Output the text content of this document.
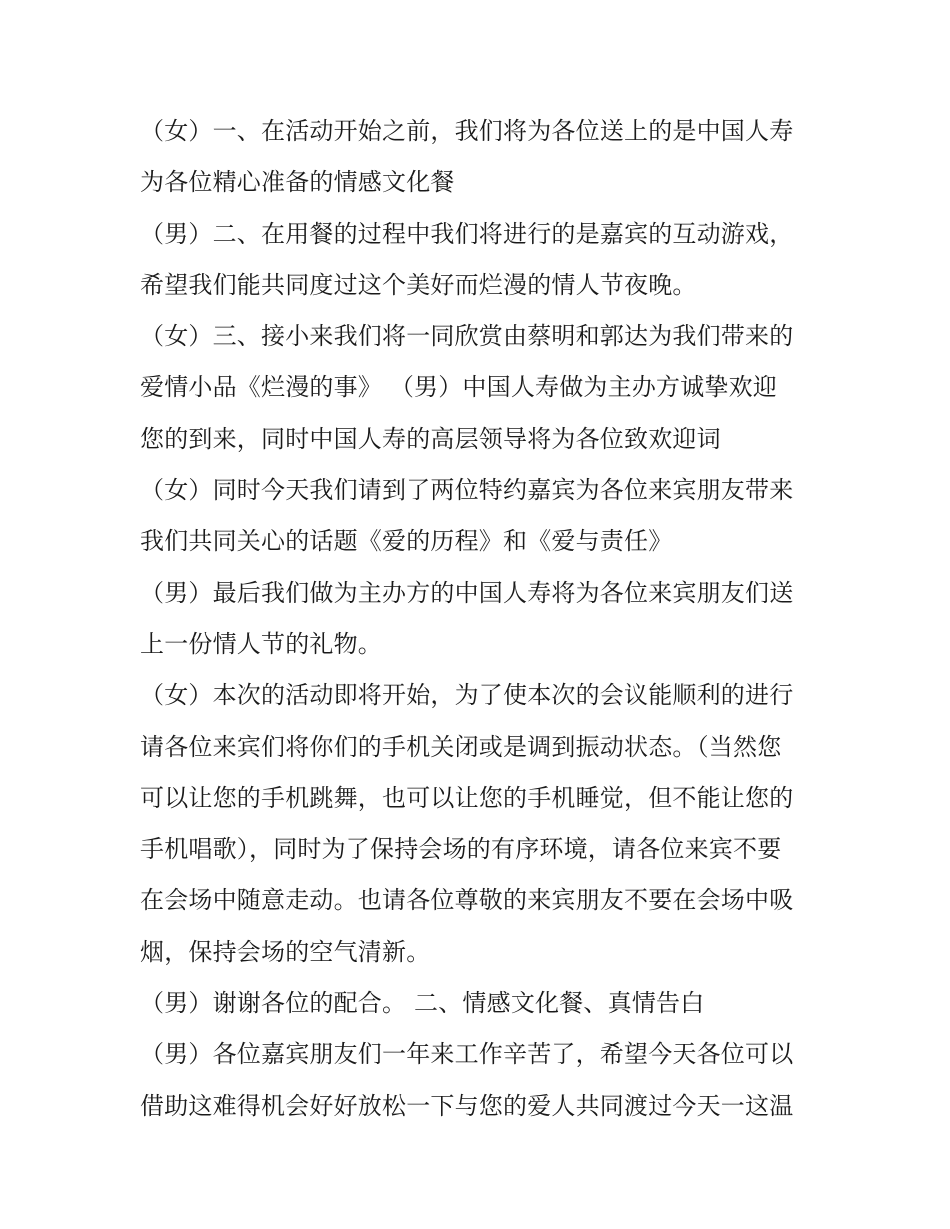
（女）一、在活动开始之前，我们将为各位送上的是中国人寿
为各位精心准备的情感文化餐
（男）二、在用餐的过程中我们将进行的是嘉宾的互动游戏，
希望我们能共同度过这个美好而烂漫的情人节夜晚。
（女）三、接小来我们将一同欣赏由蔡明和郭达为我们带来的
爱情小品《烂漫的事》 （男）中国人寿做为主办方诚挚欢迎
您的到来，同时中国人寿的高层领导将为各位致欢迎词
（女）同时今天我们请到了两位特约嘉宾为各位来宾朋友带来
我们共同关心的话题《爱的历程》和《爱与责任》
（男）最后我们做为主办方的中国人寿将为各位来宾朋友们送
上一份情人节的礼物。
（女）本次的活动即将开始，为了使本次的会议能顺利的进行
请各位来宾们将你们的手机关闭或是调到振动状态。（当然您
可以让您的手机跳舞，也可以让您的手机睡觉，但不能让您的
手机唱歌），同时为了保持会场的有序环境，请各位来宾不要
在会场中随意走动。也请各位尊敬的来宾朋友不要在会场中吸
烟，保持会场的空气清新。
（男）谢谢各位的配合。 二、情感文化餐、真情告白
（男）各位嘉宾朋友们一年来工作辛苦了，希望今天各位可以
借助这难得机会好好放松一下与您的爱人共同渡过今天一这温
